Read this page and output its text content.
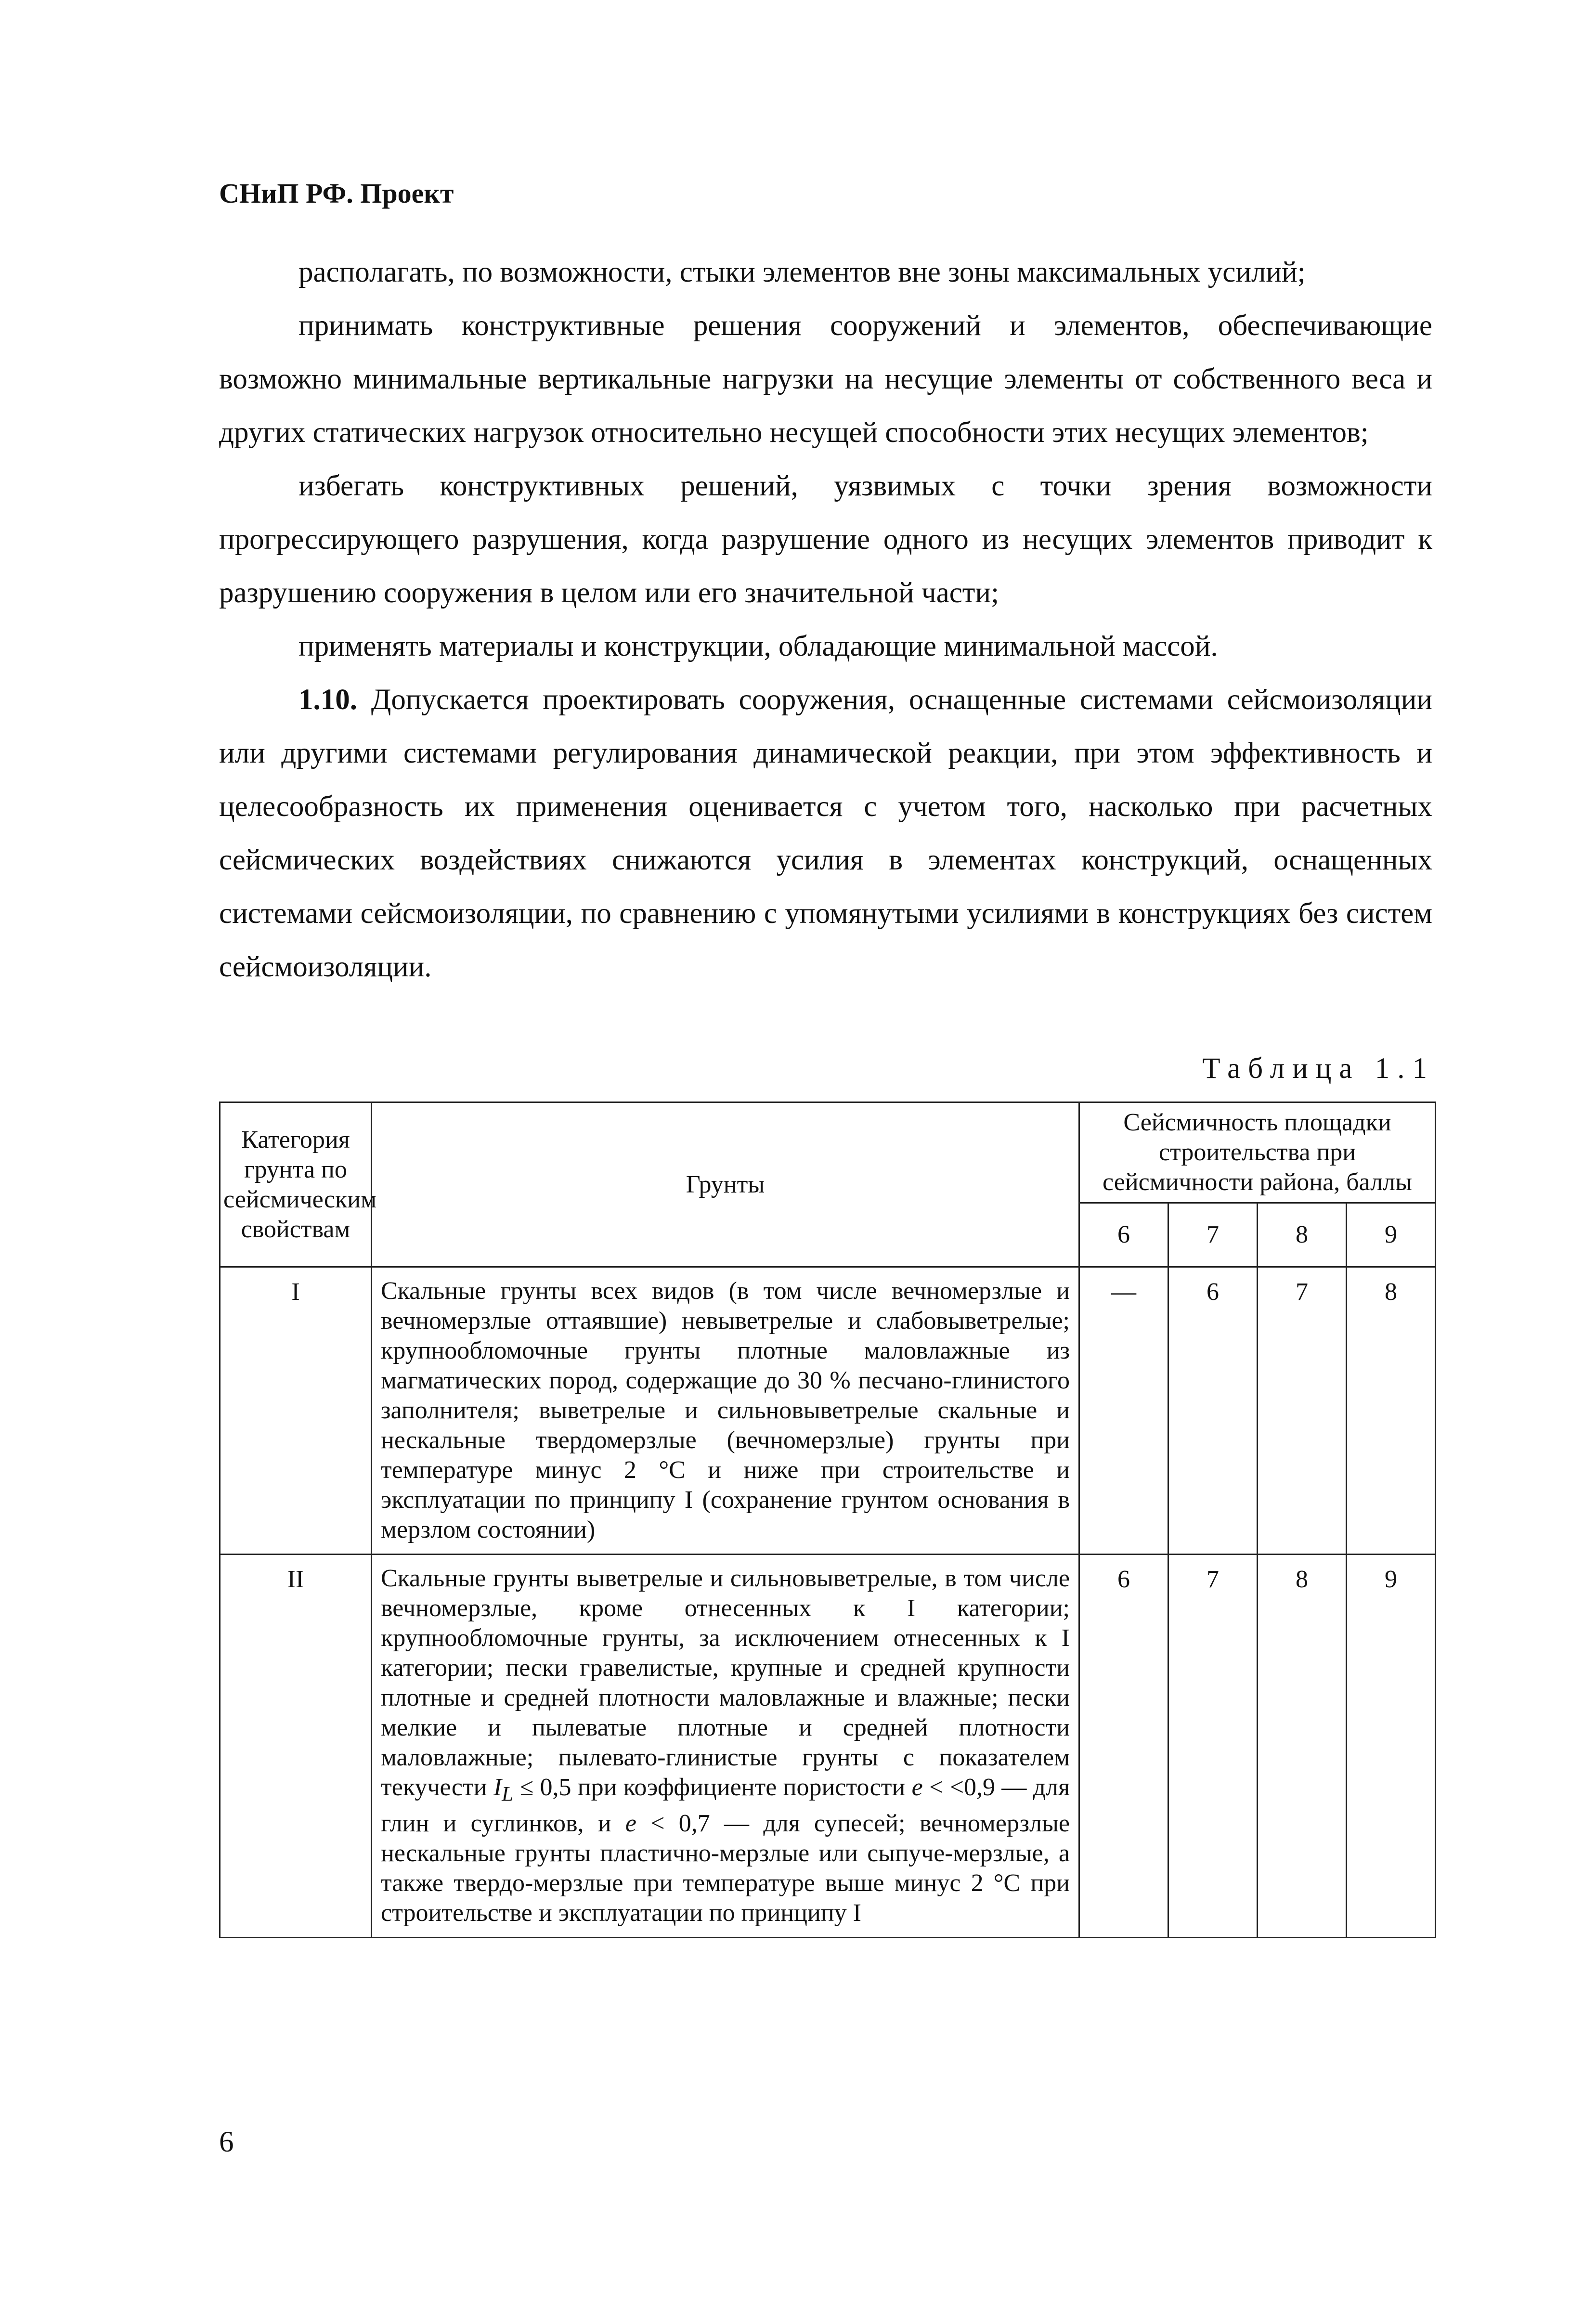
СНиП РФ. Проект

располагать, по возможности, стыки элементов вне зоны максимальных усилий;

принимать конструктивные решения сооружений и элементов, обеспечивающие возможно минимальные вертикальные нагрузки на несущие элементы от собственного веса и других статических нагрузок относительно несущей способности этих несущих элементов;

избегать конструктивных решений, уязвимых с точки зрения возможности прогрессирующего разрушения, когда разрушение одного из несущих элементов приводит к разрушению сооружения в целом или его значительной части;

применять материалы и конструкции, обладающие минимальной массой.

1.10. Допускается проектировать сооружения, оснащенные системами сейсмоизоляции или другими системами регулирования динамической реакции, при этом эффективность и целесообразность их применения оценивается с учетом того, насколько при расчетных сейсмических воздействиях снижаются усилия в элементах конструкций, оснащенных системами сейсмоизоляции, по сравнению с упомянутыми усилиями в конструкциях без систем сейсмоизоляции.

Таблица 1.1
Категория грунта по сейсмическим свойствам	Грунты	Сейсмичность площадки строительства при сейсмичности района, баллы			
		6	7	8	9
I	Скальные грунты всех видов (в том числе вечномерзлые и вечномерзлые оттаявшие) невыветрелые и слабовыветрелые; крупнообломочные грунты плотные маловлажные из магматических пород, содержащие до 30 % песчано-глинистого заполнителя; выветрелые и сильновыветрелые скальные и нескальные твердомерзлые (вечномерзлые) грунты при температуре минус 2 °С и ниже при строительстве и эксплуатации по принципу I (сохранение грунтом основания в мерзлом состоянии)	—	6	7	8
II	Скальные грунты выветрелые и сильновыветрелые, в том числе вечномерзлые, кроме отнесенных к I категории; крупнообломочные грунты, за исключением отнесенных к I категории; пески гравелистые, крупные и средней крупности плотные и средней плотности маловлажные и влажные; пески мелкие и пылеватые плотные и средней плотности маловлажные; пылевато-глинистые грунты с показателем текучести $I_L \le 0,5$ при коэффициенте пористости e < <0,9 — для глин и суглинков, и e < 0,7 — для супесей; вечномерзлые нескальные грунты пластично-мерзлые или сыпуче-мерзлые, а также твердо-мерзлые при температуре выше минус 2 °С при строительстве и эксплуатации по принципу I	6	7	8	9
6
